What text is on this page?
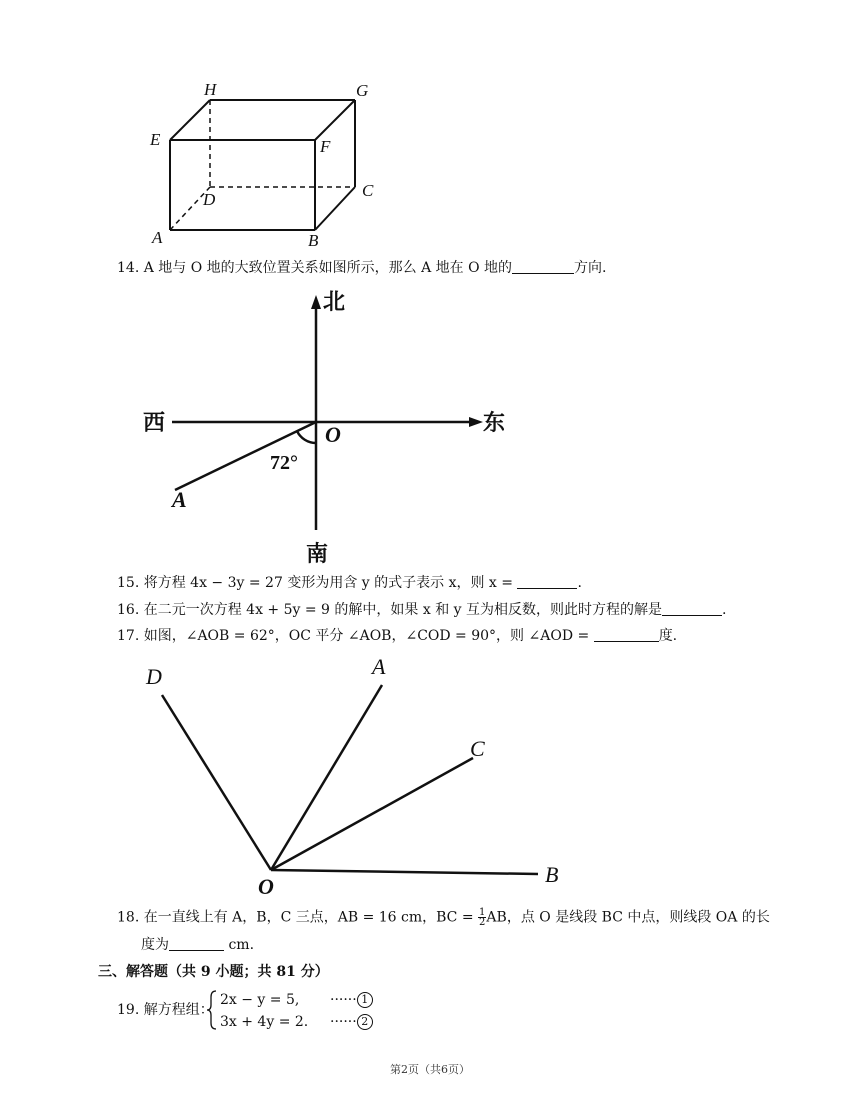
H	G
E	F
D	C
A	B
14. A 地与 O 地的大致位置关系如图所示，那么 A 地在 O 地的	方向.
北
南
东
西	O
A
72°
15. 将方程 4x − 3y = 27 变形为用含 y 的式子表示 x，则 x =	.
16. 在二元一次方程 4x + 5y = 9 的解中，如果 x 和 y 互为相反数，则此时方程的解是	.
17. 如图，∠AOB = 62°，OC 平分 ∠AOB，∠COD = 90°，则 ∠AOD =	度.
D	A
C
B
O
18. 在一直线上有 A，B，C 三点，AB = 16 cm，BC = $\frac{1}{2}$ AB，点 O 是线段 BC 中点，则线段 OA 的长
度为	cm.
三、解答题（共 9 小题；共 81 分）
19. 解方程组：
2x − y = 5, ······ 1
3x + 4y = 2. ······ 2
第2页（共6页）
